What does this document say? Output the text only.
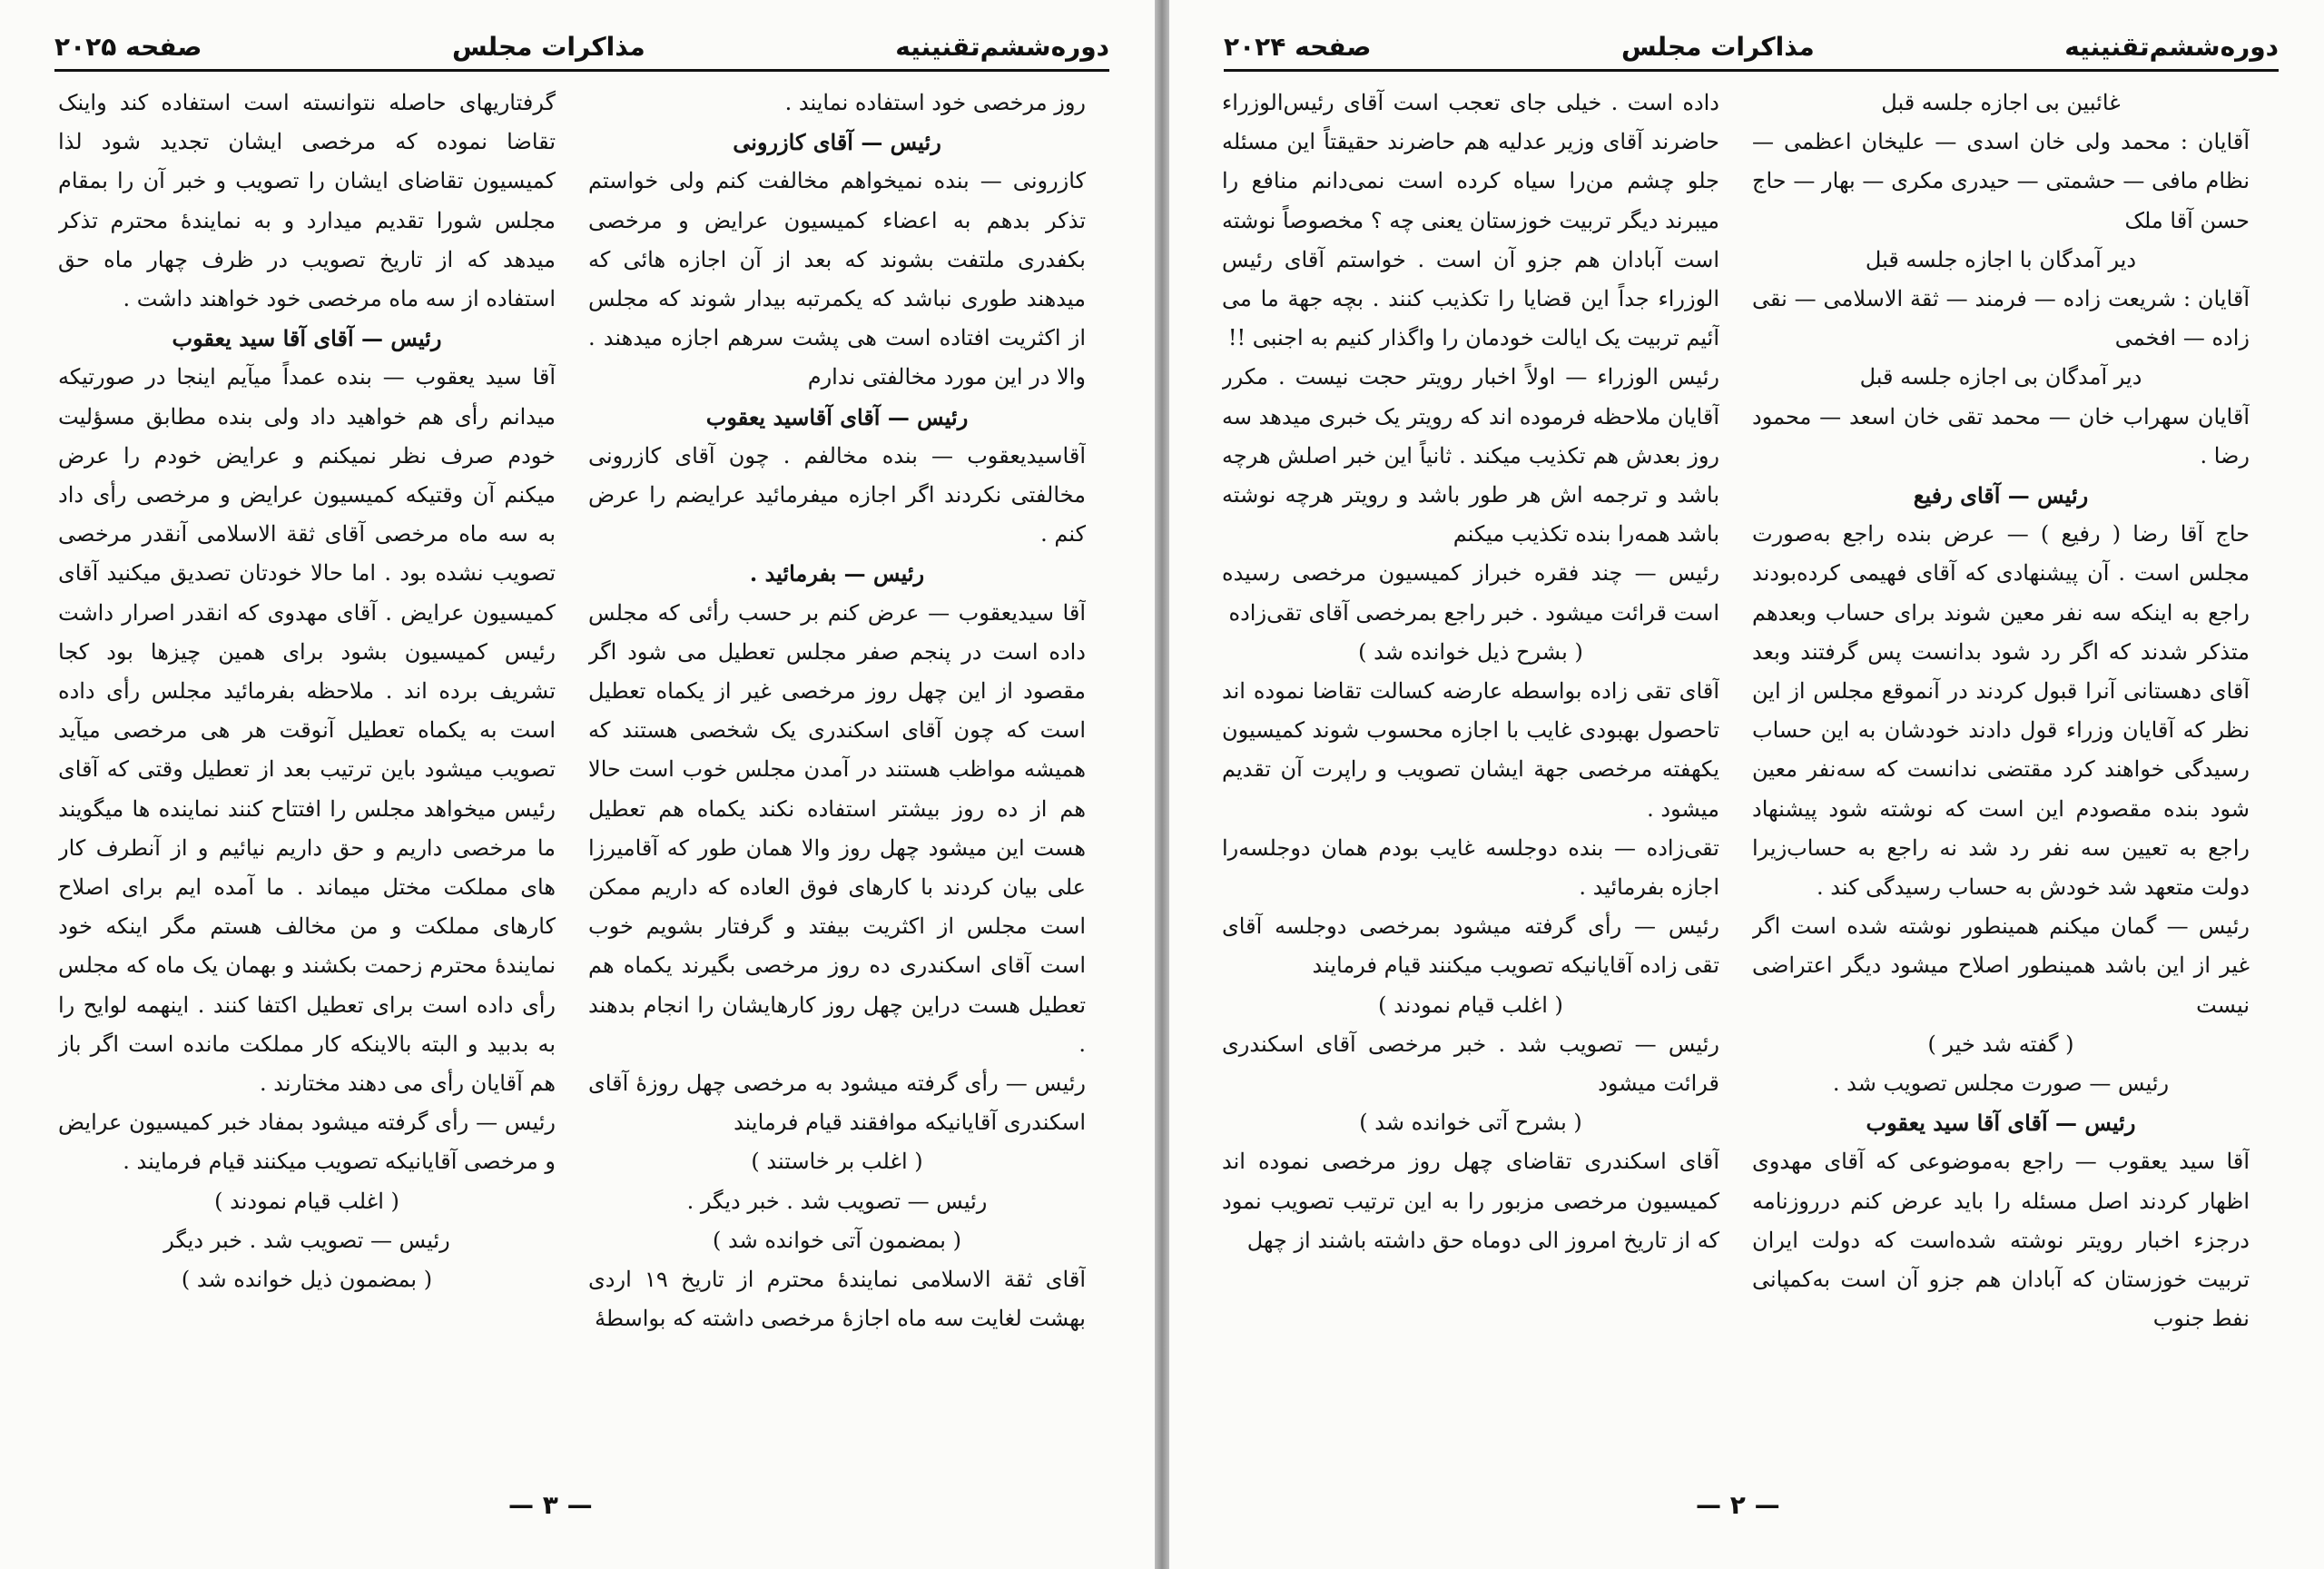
دوره‌ششم‌تقنینیه
مذاکرات مجلس
صفحه ۲۰۲۵

روز مرخصی خود استفاده نمایند .

رئیس — آقای کازرونی

کازرونی — بنده نمیخواهم مخالفت کنم ولی خواستم تذکر بدهم به اعضاء کمیسیون عرایض و مرخصی بکفدری ملتفت بشوند که بعد از آن اجازه هائی که میدهند طوری نباشد که یکمرتبه بیدار شوند که مجلس از اکثریت افتاده است هی پشت سرهم اجازه میدهند . والا در این مورد مخالفتی ندارم

رئیس — آقای آقاسید یعقوب

آقاسیدیعقوب — بنده مخالفم . چون آقای کازرونی مخالفتی نکردند اگر اجازه میفرمائید عرایضم را عرض کنم .

رئیس — بفرمائید .

آقا سیدیعقوب — عرض کنم بر حسب رأئی که مجلس داده است در پنجم صفر مجلس تعطیل می شود اگر مقصود از این چهل روز مرخصی غیر از یکماه تعطیل است که چون آقای اسکندری یک شخصی هستند که همیشه مواظب هستند در آمدن مجلس خوب است حالا هم از ده روز بیشتر استفاده نکند یکماه هم تعطیل هست این میشود چهل روز والا همان طور که آقامیرزا علی بیان کردند با کارهای فوق العاده که داریم ممکن است مجلس از اکثریت بیفتد و گرفتار بشویم خوب است آقای اسکندری ده روز مرخصی بگیرند یکماه هم تعطیل هست دراین چهل روز کارهایشان را انجام بدهند .

رئیس — رأی گرفته میشود به مرخصی چهل روزهٔ آقای اسکندری آقایانیکه موافقند قیام فرمایند

( اغلب بر خاستند )

رئیس — تصویب شد . خبر دیگر .

( بمضمون آتی خوانده شد )

آقای ثقة الاسلامی نمایندهٔ محترم از تاریخ ۱۹ اردی بهشت لغایت سه ماه اجازهٔ مرخصی داشته که بواسطهٔ

گرفتاریهای حاصله نتوانسته است استفاده کند واینک تقاضا نموده که مرخصی ایشان تجدید شود لذا کمیسیون تقاضای ایشان را تصویب و خبر آن را بمقام مجلس شورا تقدیم میدارد و به نمایندهٔ محترم تذکر میدهد که از تاریخ تصویب در ظرف چهار ماه حق استفاده از سه ماه مرخصی خود خواهند داشت .

رئیس — آقای آقا سید یعقوب

آقا سید یعقوب — بنده عمداً میآیم اینجا در صورتیکه میدانم رأی هم خواهید داد ولی بنده مطابق مسؤلیت خودم صرف نظر نمیکنم و عرایض خودم را عرض میکنم آن وقتیکه کمیسیون عرایض و مرخصی رأی داد به سه ماه مرخصی آقای ثقة الاسلامی آنقدر مرخصی تصویب نشده بود . اما حالا خودتان تصدیق میکنید آقای کمیسیون عرایض . آقای مهدوی که انقدر اصرار داشت رئیس کمیسیون بشود برای همین چیزها بود کجا تشریف برده اند . ملاحظه بفرمائید مجلس رأی داده است به یکماه تعطیل آنوقت هر هی مرخصی میآید تصویب میشود باین ترتیب بعد از تعطیل وقتی که آقای رئیس میخواهد مجلس را افتتاح کنند نماینده ها میگویند ما مرخصی داریم و حق داریم نیائیم و از آنطرف کار های مملکت مختل میماند . ما آمده ایم برای اصلاح کارهای مملکت و من مخالف هستم مگر اینکه خود نمایندهٔ محترم زحمت بکشند و بهمان یک ماه که مجلس رأی داده است برای تعطیل اکتفا کنند . اینهمه لوایح را به بدبید و البته بالاینکه کار مملکت مانده است اگر باز هم آقایان رأی می دهند مختارند .

رئیس — رأی گرفته میشود بمفاد خبر کمیسیون عرایض و مرخصی آقایانیکه تصویب میکنند قیام فرمایند .

( اغلب قیام نمودند )

رئیس — تصویب شد . خبر دیگر

( بمضمون ذیل خوانده شد )

— ۳ —
دوره‌ششم‌تقنینیه
مذاکرات مجلس
صفحه ۲۰۲۴

غائبین بی اجازه جلسه قبل

آقایان : محمد ولی خان اسدی — علیخان اعظمی — نظام مافی — حشمتی — حیدری مکری — بهار — حاج حسن آقا ملک

دیر آمدگان با اجازه جلسه قبل

آقایان : شریعت زاده — فرمند — ثقة الاسلامی — نقی زاده — افخمی

دیر آمدگان بی اجازه جلسه قبل

آقایان سهراب خان — محمد تقی خان اسعد — محمود رضا .

رئیس — آقای رفیع

حاج آقا رضا ( رفیع ) — عرض بنده راجع به‌صورت مجلس است . آن پیشنهادی که آقای فهیمی کرده‌بودند راجع به اینکه سه نفر معین شوند برای حساب وبعدهم متذکر شدند که اگر رد شود بدانست پس گرفتند وبعد آقای دهستانی آنرا قبول کردند در آنموقع مجلس از این نظر که آقایان وزراء قول دادند خودشان به این حساب رسیدگی خواهند کرد مقتضی ندانست که سه‌نفر معین شود بنده مقصودم این است که نوشته شود پیشنهاد راجع به تعیین سه نفر رد شد نه راجع به حساب‌زیرا دولت متعهد شد خودش به حساب رسیدگی کند .

رئیس — گمان میکنم همینطور نوشته شده است اگر غیر از این باشد همینطور اصلاح میشود دیگر اعتراضی نیست

( گفته شد خیر )

رئیس — صورت مجلس تصویب شد .

رئیس — آقای آقا سید یعقوب

آقا سید یعقوب — راجع به‌موضوعی که آقای مهدوی اظهار کردند اصل مسئله را باید عرض کنم درروزنامه درجزء اخبار رویتر نوشته شده‌است که دولت ایران تربیت خوزستان که آبادان هم جزو آن است به‌کمپانی نفط جنوب

داده است . خیلی جای تعجب است آقای رئیس‌الوزراء حاضرند آقای وزیر عدلیه هم حاضرند حقیقتاً این مسئله جلو چشم من‌را سیاه کرده است نمی‌دانم منافع را میبرند دیگر تربیت خوزستان یعنی چه ؟ مخصوصاً نوشته است آبادان هم جزو آن است . خواستم آقای رئیس الوزراء جداً این قضایا را تکذیب کنند . بچه جهة ما می آئیم تربیت یک ایالت خودمان را واگذار کنیم به اجنبی !!

رئیس الوزراء — اولاً اخبار رویتر حجت نیست . مکرر آقایان ملاحظه فرموده اند که رویتر یک خبری میدهد سه روز بعدش هم تکذیب میکند . ثانیاً این خبر اصلش هرچه باشد و ترجمه اش هر طور باشد و رویتر هرچه نوشته باشد همه‌را بنده تکذیب میکنم

رئیس — چند فقره خبراز کمیسیون مرخصی رسیده است قرائت میشود . خبر راجع بمرخصی آقای تقی‌زاده

( بشرح ذیل خوانده شد )

آقای تقی زاده بواسطه عارضه کسالت تقاضا نموده اند تاحصول بهبودی غایب با اجازه محسوب شوند کمیسیون یکهفته مرخصی جهة ایشان تصویب و راپرت آن تقدیم میشود .

تقی‌زاده — بنده دوجلسه غایب بودم همان دوجلسه‌را اجازه بفرمائید .

رئیس — رأی گرفته میشود بمرخصی دوجلسه آقای تقی زاده آقایانیکه تصویب میکنند قیام فرمایند

( اغلب قیام نمودند )

رئیس — تصویب شد . خبر مرخصی آقای اسکندری قرائت میشود

( بشرح آتی خوانده شد )

آقای اسکندری تقاضای چهل روز مرخصی نموده اند کمیسیون مرخصی مزبور را به این ترتیب تصویب نمود که از تاریخ امروز الی دوماه حق داشته باشند از چهل

— ۲ —
